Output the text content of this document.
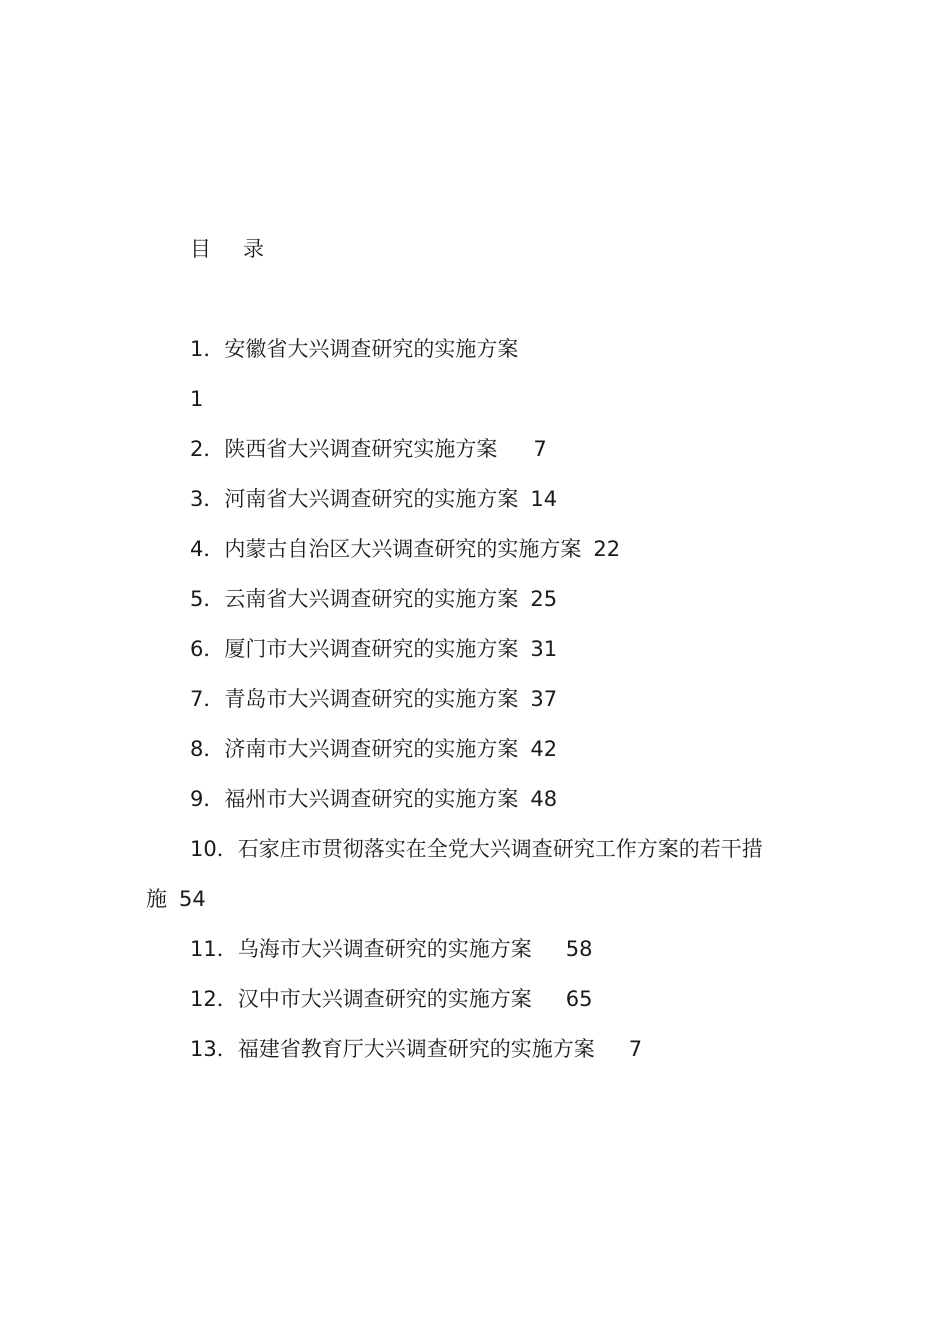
目 录
1．安徽省大兴调查研究的实施方案
1
2．陕西省大兴调查研究实施方案 7
3．河南省大兴调查研究的实施方案 14
4．内蒙古自治区大兴调查研究的实施方案 22
5．云南省大兴调查研究的实施方案 25
6．厦门市大兴调查研究的实施方案 31
7．青岛市大兴调查研究的实施方案 37
8．济南市大兴调查研究的实施方案 42
9．福州市大兴调查研究的实施方案 48
10．石家庄市贯彻落实在全党大兴调查研究工作方案的若干措
施 54
11．乌海市大兴调查研究的实施方案 58
12．汉中市大兴调查研究的实施方案 65
13．福建省教育厅大兴调查研究的实施方案 7
